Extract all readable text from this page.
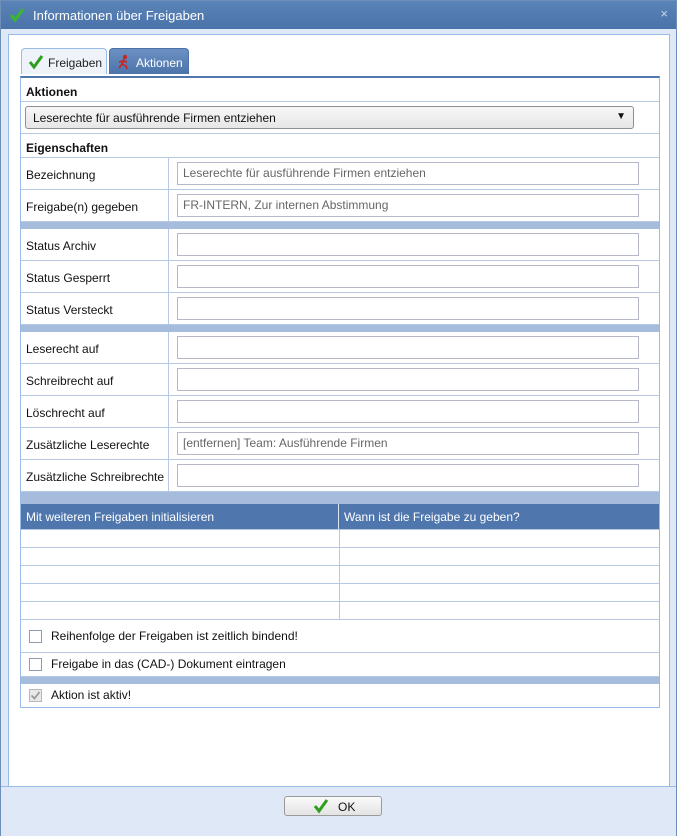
Informationen über Freigaben	×
Freigaben	Aktionen
Aktionen
Leserechte für ausführende Firmen entziehen	▼
Eigenschaften
Bezeichnung	Leserechte für ausführende Firmen entziehen
Freigabe(n) gegeben	FR-INTERN, Zur internen Abstimmung
Status Archiv
Status Gesperrt
Status Versteckt
Leserecht auf
Schreibrecht auf
Löschrecht auf
Zusätzliche Leserechte	[entfernen] Team: Ausführende Firmen
Zusätzliche Schreibrechte
Mit weiteren Freigaben initialisieren	Wann ist die Freigabe zu geben?
Reihenfolge der Freigaben ist zeitlich bindend!
Freigabe in das (CAD-) Dokument eintragen
Aktion ist aktiv!
OK
